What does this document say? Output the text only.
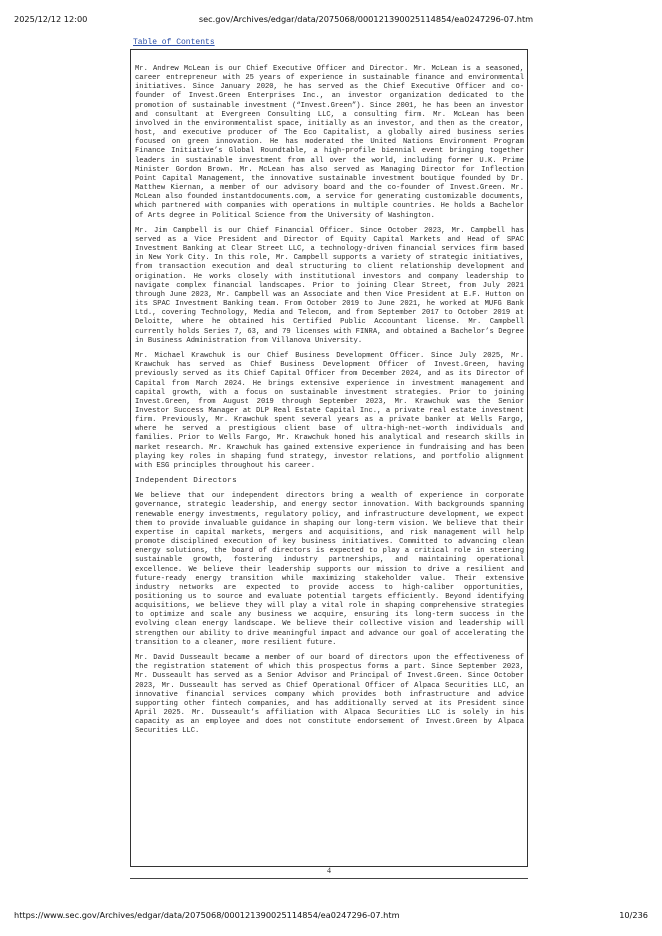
2025/12/12 12:00	sec.gov/Archives/edgar/data/2075068/000121390025114854/ea0247296-07.htm
Table of Contents

Mr. Andrew McLean is our Chief Executive Officer and Director. Mr. McLean is a seasoned, career entrepreneur with 25 years of experience in sustainable finance and environmental initiatives. Since January 2020, he has served as the Chief Executive Officer and co-founder of Invest.Green Enterprises Inc., an investor organization dedicated to the promotion of sustainable investment (“Invest.Green”). Since 2001, he has been an investor and consultant at Evergreen Consulting LLC, a consulting firm. Mr. McLean has been involved in the environmentalist space, initially as an investor, and then as the creator, host, and executive producer of The Eco Capitalist, a globally aired business series focused on green innovation. He has moderated the United Nations Environment Program Finance Initiative’s Global Roundtable, a high-profile biennial event bringing together leaders in sustainable investment from all over the world, including former U.K. Prime Minister Gordon Brown. Mr. McLean has also served as Managing Director for Inflection Point Capital Management, the innovative sustainable investment boutique founded by Dr. Matthew Kiernan, a member of our advisory board and the co-founder of Invest.Green. Mr. McLean also founded instantdocuments.com, a service for generating customizable documents, which partnered with companies with operations in multiple countries. He holds a Bachelor of Arts degree in Political Science from the University of Washington.

Mr. Jim Campbell is our Chief Financial Officer. Since October 2023, Mr. Campbell has served as a Vice President and Director of Equity Capital Markets and Head of SPAC Investment Banking at Clear Street LLC, a technology-driven financial services firm based in New York City. In this role, Mr. Campbell supports a variety of strategic initiatives, from transaction execution and deal structuring to client relationship development and origination. He works closely with institutional investors and company leadership to navigate complex financial landscapes. Prior to joining Clear Street, from July 2021 through June 2023, Mr. Campbell was an Associate and then Vice President at E.F. Hutton on its SPAC Investment Banking team. From October 2019 to June 2021, he worked at MUFG Bank Ltd., covering Technology, Media and Telecom, and from September 2017 to October 2019 at Deloitte, where he obtained his Certified Public Accountant license. Mr. Campbell currently holds Series 7, 63, and 79 licenses with FINRA, and obtained a Bachelor’s Degree in Business Administration from Villanova University.

Mr. Michael Krawchuk is our Chief Business Development Officer. Since July 2025, Mr. Krawchuk has served as Chief Business Development Officer of Invest.Green, having previously served as its Chief Capital Officer from December 2024, and as its Director of Capital from March 2024. He brings extensive experience in investment management and capital growth, with a focus on sustainable investment strategies. Prior to joining Invest.Green, from August 2019 through September 2023, Mr. Krawchuk was the Senior Investor Success Manager at DLP Real Estate Capital Inc., a private real estate investment firm. Previously, Mr. Krawchuk spent several years as a private banker at Wells Fargo, where he served a prestigious client base of ultra-high-net-worth individuals and families. Prior to Wells Fargo, Mr. Krawchuk honed his analytical and research skills in market research. Mr. Krawchuk has gained extensive experience in fundraising and has been playing key roles in shaping fund strategy, investor relations, and portfolio alignment with ESG principles throughout his career.

Independent Directors

We believe that our independent directors bring a wealth of experience in corporate governance, strategic leadership, and energy sector innovation. With backgrounds spanning renewable energy investments, regulatory policy, and infrastructure development, we expect them to provide invaluable guidance in shaping our long-term vision. We believe that their expertise in capital markets, mergers and acquisitions, and risk management will help promote disciplined execution of key business initiatives. Committed to advancing clean energy solutions, the board of directors is expected to play a critical role in steering sustainable growth, fostering industry partnerships, and maintaining operational excellence. We believe their leadership supports our mission to drive a resilient and future-ready energy transition while maximizing stakeholder value. Their extensive industry networks are expected to provide access to high-caliber opportunities, positioning us to source and evaluate potential targets efficiently. Beyond identifying acquisitions, we believe they will play a vital role in shaping comprehensive strategies to optimize and scale any business we acquire, ensuring its long-term success in the evolving clean energy landscape. We believe their collective vision and leadership will strengthen our ability to drive meaningful impact and advance our goal of accelerating the transition to a cleaner, more resilient future.

Mr. David Dusseault became a member of our board of directors upon the effectiveness of the registration statement of which this prospectus forms a part. Since September 2023, Mr. Dusseault has served as a Senior Advisor and Principal of Invest.Green. Since October 2023, Mr. Dusseault has served as Chief Operational Officer of Alpaca Securities LLC, an innovative financial services company which provides both infrastructure and advice supporting other fintech companies, and has additionally served at its President since April 2025. Mr. Dusseault’s affiliation with Alpaca Securities LLC is solely in his capacity as an employee and does not constitute endorsement of Invest.Green by Alpaca Securities LLC.

4
https://www.sec.gov/Archives/edgar/data/2075068/000121390025114854/ea0247296-07.htm	10/236
